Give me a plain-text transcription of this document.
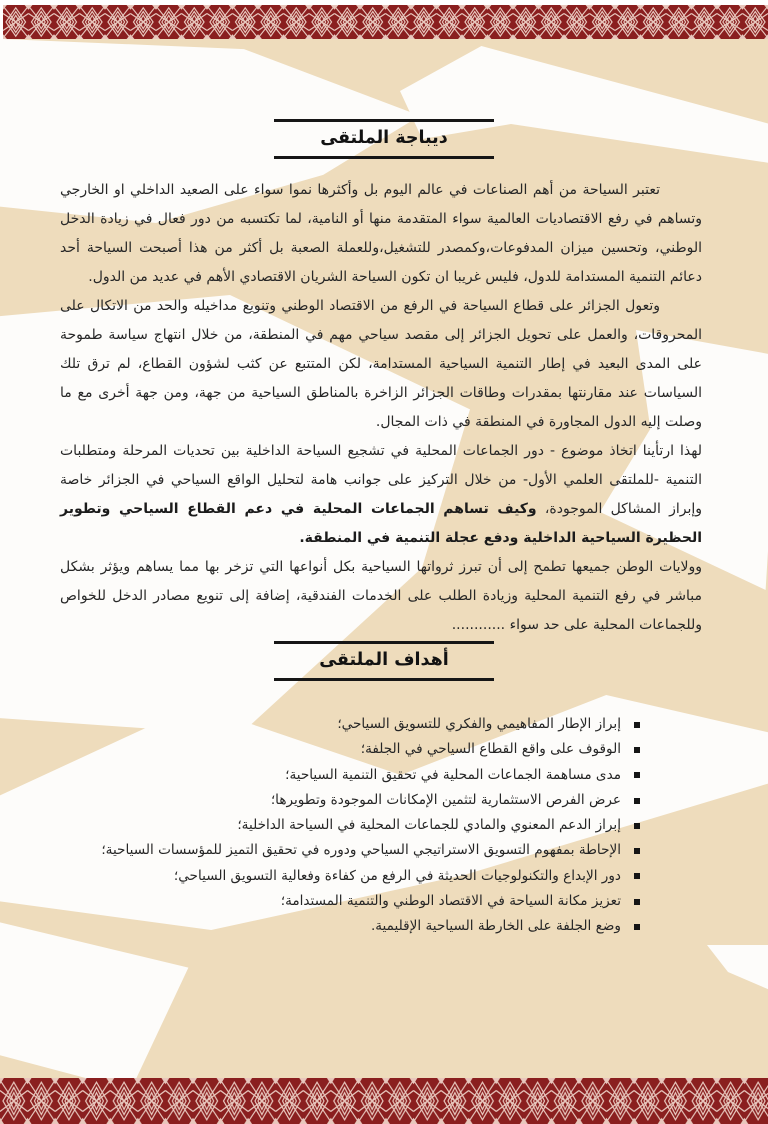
ديباجة الملتقى

تعتبر السياحة من أهم الصناعات في عالم اليوم بل وأكثرها نموا سواء على الصعيد الداخلي او الخارجي وتساهم في رفع الاقتصاديات العالمية سواء المتقدمة منها أو النامية، لما تكتسبه من دور فعال في زيادة الدخل الوطني، وتحسين ميزان المدفوعات،وكمصدر للتشغيل،وللعملة الصعبة بل أكثر من هذا أصبحت السياحة أحد دعائم التنمية المستدامة للدول، فليس غريبا ان تكون السياحة الشريان الاقتصادي الأهم في عديد من الدول.

وتعول الجزائر على قطاع السياحة في الرفع من الاقتصاد الوطني وتنويع مداخيله والحد من الاتكال على المحروقات، والعمل على تحويل الجزائر إلى مقصد سياحي مهم في المنطقة، من خلال انتهاج سياسة طموحة على المدى البعيد في إطار التنمية السياحية المستدامة، لكن المتتبع عن كثب لشؤون القطاع، لم ترق تلك السياسات عند مقارنتها بمقدرات وطاقات الجزائر الزاخرة بالمناطق السياحية من جهة، ومن جهة أخرى مع ما وصلت إليه الدول المجاورة في المنطقة في ذات المجال.

لهذا ارتأينا اتخاذ موضوع - دور الجماعات المحلية في تشجيع السياحة الداخلية بين تحديات المرحلة ومتطلبات التنمية -للملتقى العلمي الأول- من خلال التركيز على جوانب هامة لتحليل الواقع السياحي في الجزائر خاصة وإبراز المشاكل الموجودة، وكيف تساهم الجماعات المحلية في دعم القطاع السياحي وتطوير الحظيرة السياحية الداخلية ودفع عجلة التنمية في المنطقة.

وولايات الوطن جميعها تطمح إلى أن تبرز ثرواتها السياحية بكل أنواعها التي تزخر بها مما يساهم ويؤثر بشكل مباشر في رفع التنمية المحلية وزيادة الطلب على الخدمات الفندقية، إضافة إلى تنويع مصادر الدخل للخواص وللجماعات المحلية على حد سواء ............

أهداف الملتقى
إبراز الإطار المفاهيمي والفكري للتسويق السياحي؛
الوقوف على واقع القطاع السياحي في الجلفة؛
مدى مساهمة الجماعات المحلية في تحقيق التنمية السياحية؛
عرض الفرص الاستثمارية لتثمين الإمكانات الموجودة وتطويرها؛
إبراز الدعم المعنوي والمادي للجماعات المحلية في السياحة الداخلية؛
الإحاطة بمفهوم التسويق الاستراتيجي السياحي ودوره في تحقيق التميز للمؤسسات السياحية؛
دور الإبداع والتكنولوجيات الحديثة في الرفع من كفاءة وفعالية التسويق السياحي؛
تعزيز مكانة السياحة في الاقتصاد الوطني والتنمية المستدامة؛
وضع الجلفة على الخارطة السياحية الإقليمية.
